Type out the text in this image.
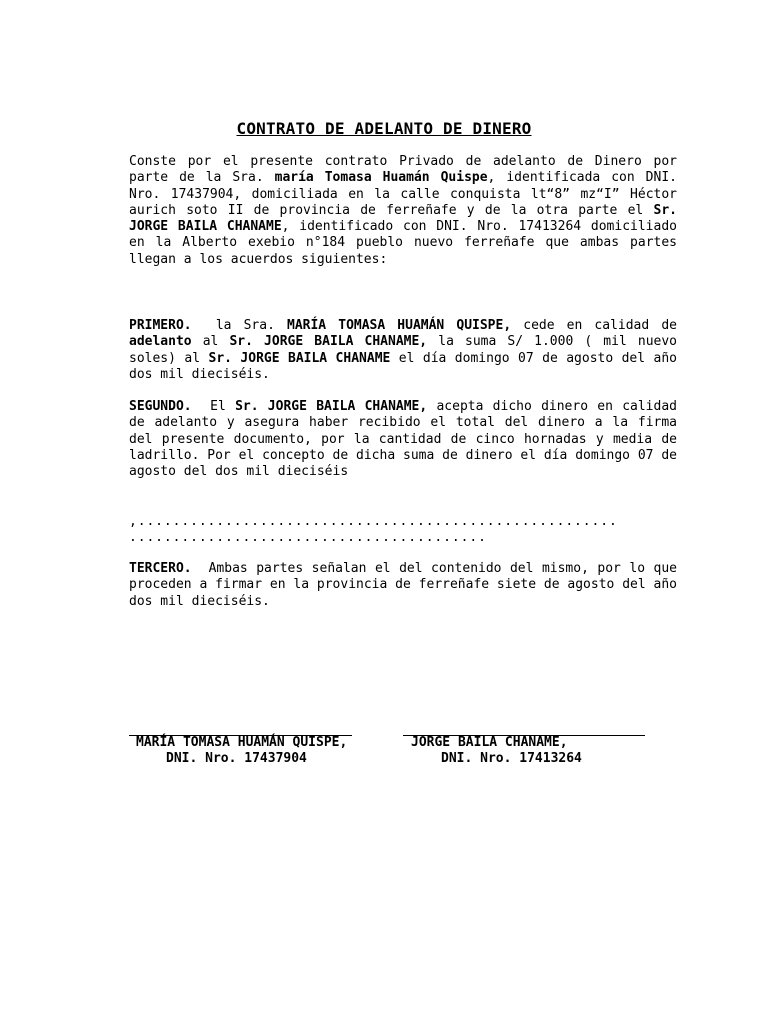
CONTRATO DE ADELANTO DE DINERO

Conste por el presente contrato Privado de adelanto de Dinero por parte de la Sra. maría Tomasa Huamán Quispe, identificada con DNI. Nro. 17437904, domiciliada en la calle conquista lt“8” mz“I” Héctor aurich soto II de provincia de ferreñafe y de la otra parte el Sr. JORGE BAILA CHANAME, identificado con DNI. Nro. 17413264 domiciliado en la Alberto exebio n°184 pueblo nuevo ferreñafe que ambas partes llegan a los acuerdos siguientes:

PRIMERO.  la Sra. MARÍA TOMASA HUAMÁN QUISPE, cede en calidad de adelanto al Sr. JORGE BAILA CHANAME, la suma S/ 1.000 ( mil nuevo soles) al Sr. JORGE BAILA CHANAME el día domingo 07 de agosto del año dos mil dieciséis.

SEGUNDO.  El Sr. JORGE BAILA CHANAME, acepta dicho dinero en calidad de adelanto y asegura haber recibido el total del dinero a la firma del presente documento, por la cantidad de cinco hornadas y media de ladrillo. Por el concepto de dicha suma de dinero el día domingo 07 de agosto del dos mil dieciséis

,.......................................................
.........................................

TERCERO.  Ambas partes señalan el del contenido del mismo, por lo que proceden a firmar en la provincia de ferreñafe siete de agosto del año dos mil dieciséis.

MARÍA TOMASA HUAMÁN QUISPE,
DNI. Nro. 17437904
JORGE BAILA CHANAME,
DNI. Nro. 17413264
